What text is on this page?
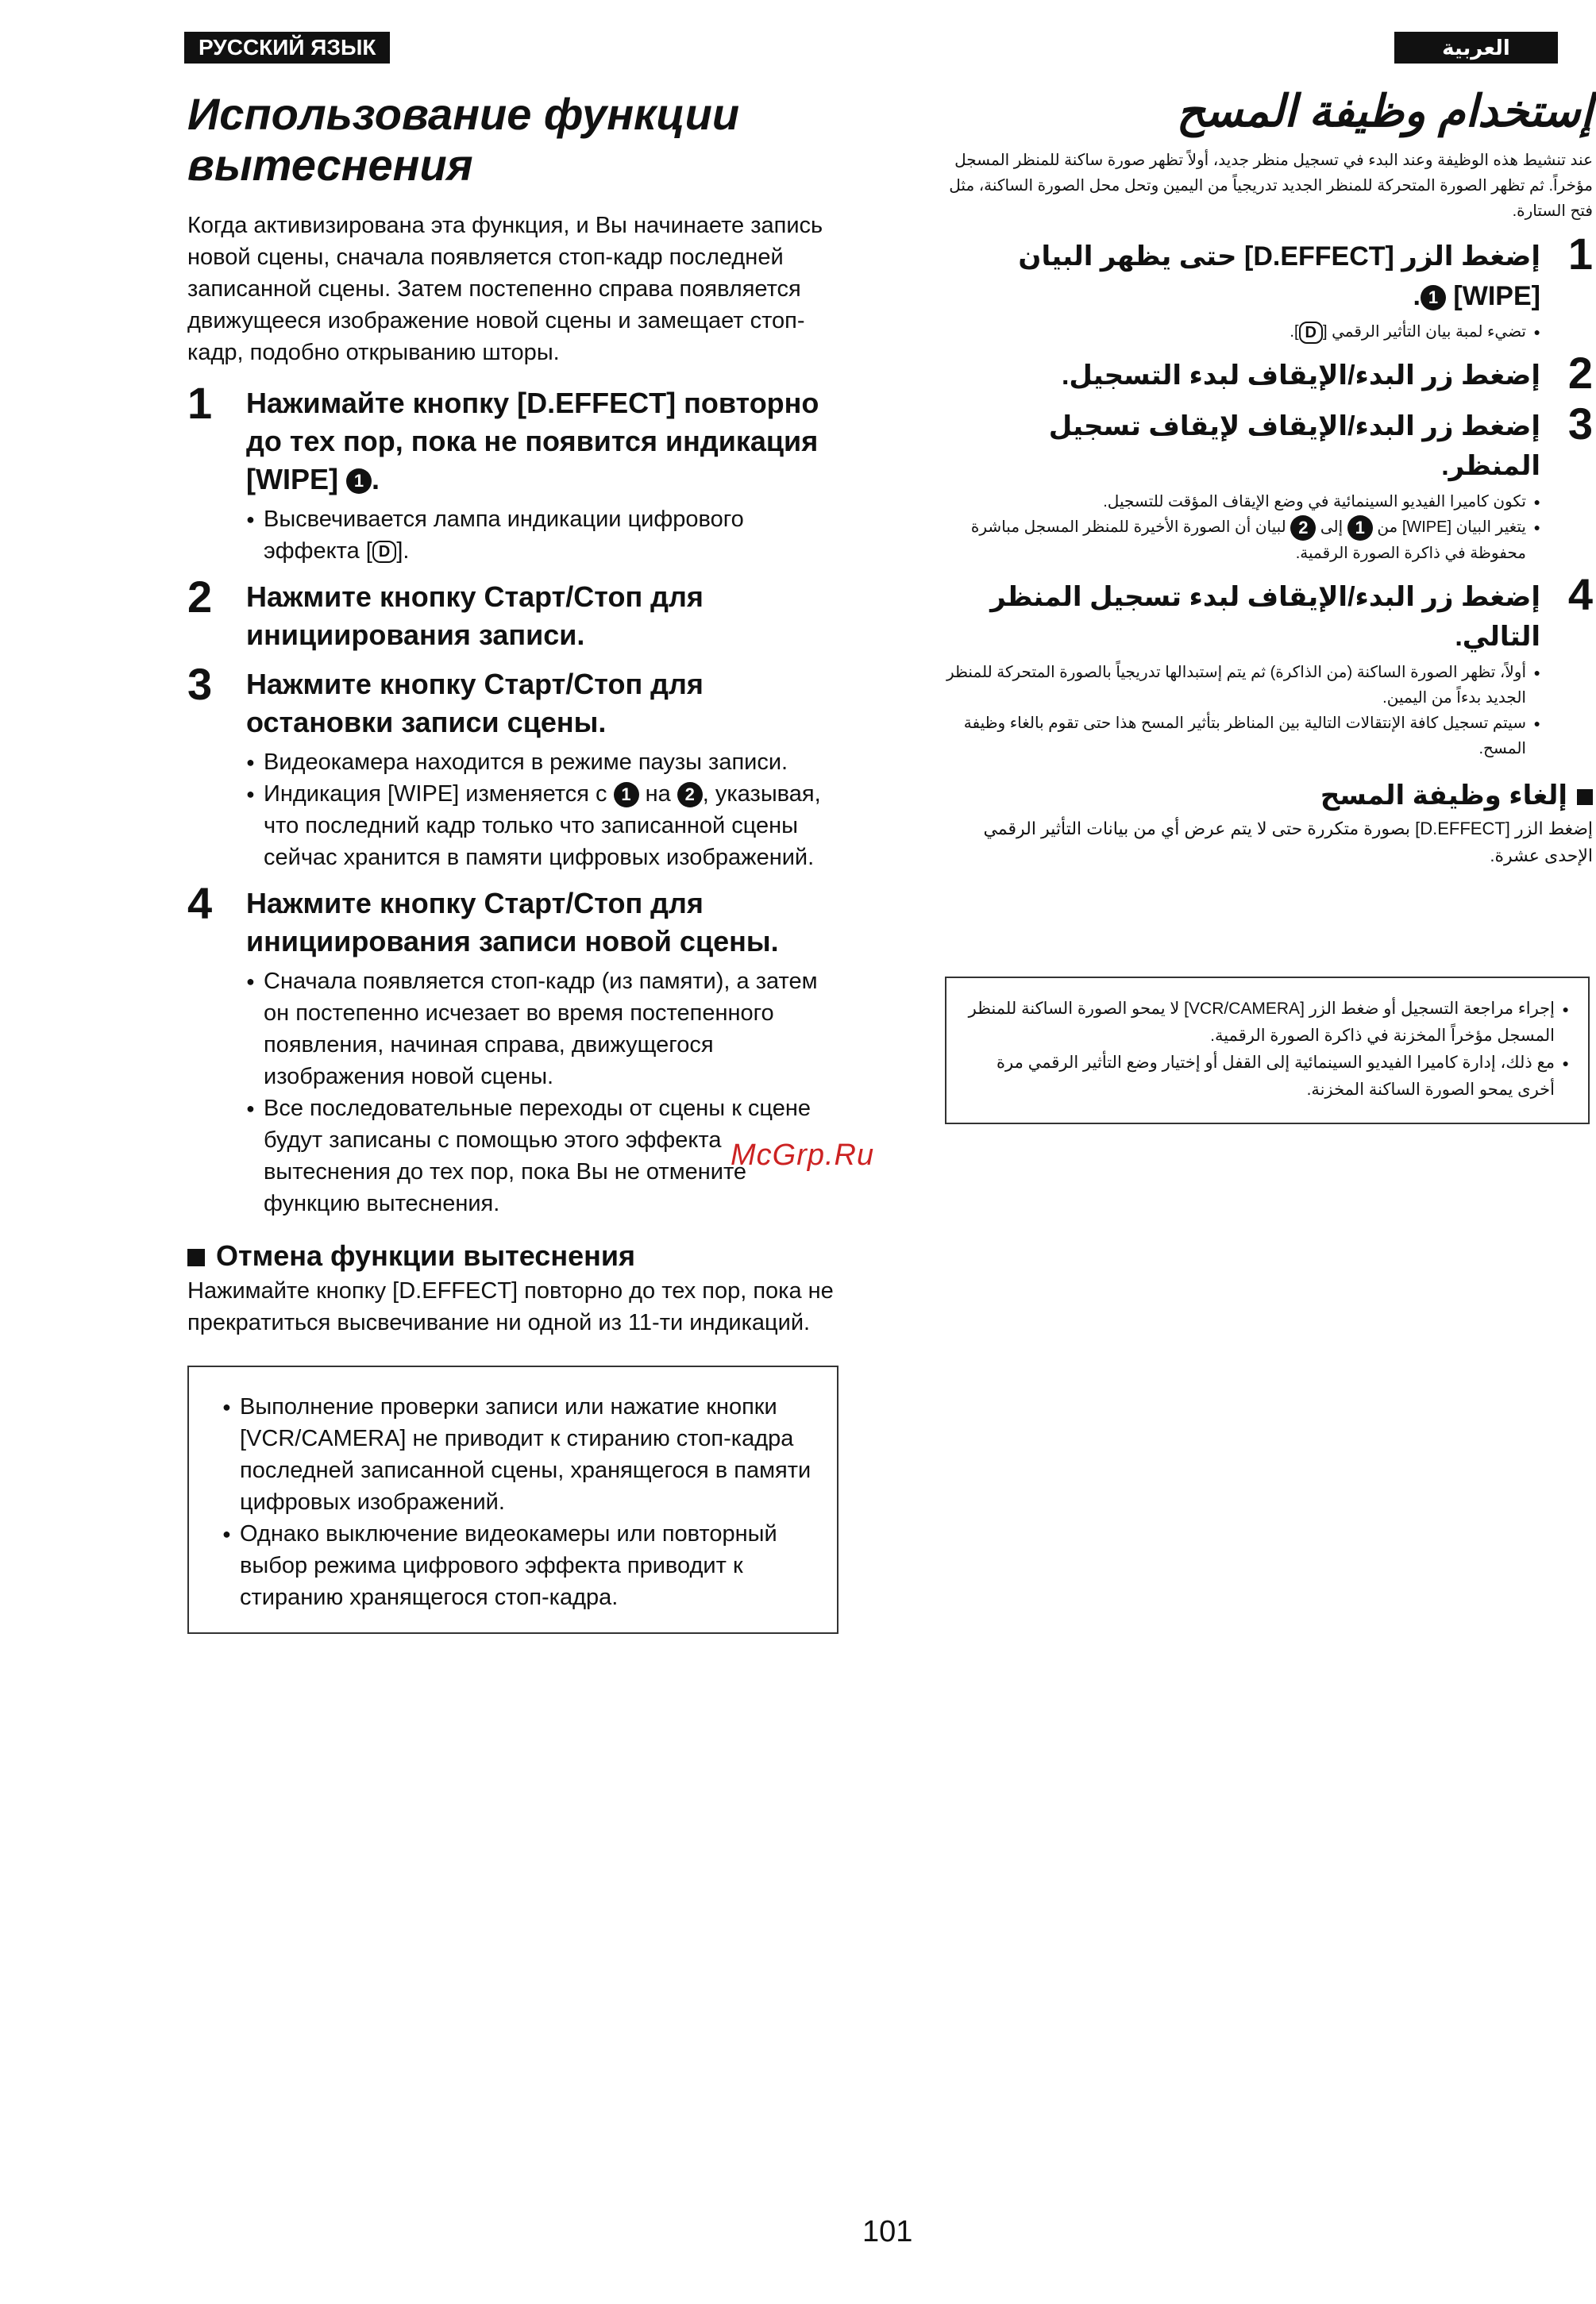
РУССКИЙ ЯЗЫК	العربية
Использование функции вытеснения

Когда активизирована эта функция, и Вы начинаете запись новой сцены, сначала появляется стоп-кадр последней записанной сцены. Затем постепенно справа появляется движущееся изображение новой сцены и замещает стоп-кадр, подобно открыванию шторы.

1 Нажимайте кнопку [D.EFFECT] повторно до тех пор, пока не появится индикация [WIPE] 1 .
● Высвечивается лампа индикации цифрового эффекта [ D ].
2 Нажмите кнопку Старт/Стоп для инициирования записи.
3 Нажмите кнопку Старт/Стоп для остановки записи сцены.
● Видеокамера находится в режиме паузы записи.
● Индикация [WIPE] изменяется с 1 на 2 , указывая, что последний кадр только что записанной сцены сейчас хранится в памяти цифровых изображений.
4 Нажмите кнопку Старт/Стоп для инициирования записи новой сцены.
● Сначала появляется стоп-кадр (из памяти), а затем он постепенно исчезает во время постепенного появления, начиная справа, движущегося изображения новой сцены.
● Все последовательные переходы от сцены к сцене будут записаны с помощью этого эффекта вытеснения до тех пор, пока Вы не отмените функцию вытеснения.
Отмена функции вытеснения
Нажимайте кнопку [D.EFFECT] повторно до тех пор, пока не прекратиться высвечивание ни одной из 11-ти индикаций.
● Выполнение проверки записи или нажатие кнопки [VCR/CAMERA] не приводит к стиранию стоп-кадра последней записанной сцены, хранящегося в памяти цифровых изображений.
● Однако выключение видеокамеры или повторный выбор режима цифрового эффекта приводит к стиранию хранящегося стоп-кадра.
إستخدام وظيفة المسح

عند تنشيط هذه الوظيفة وعند البدء في تسجيل منظر جديد، أولاً تظهر صورة ساكنة للمنظر المسجل مؤخراً. ثم تظهر الصورة المتحركة للمنظر الجديد تدريجياً من اليمين وتحل محل الصورة الساكنة، مثل فتح الستارة.

1
إضغط الزر [D.EFFECT] حتى يظهر البيان [WIPE] 1.
● تضيء لمبة بيان التأثير الرقمي [D].
2
إضغط زر البدء/الإيقاف لبدء التسجيل.
3
إضغط زر البدء/الإيقاف لإيقاف تسجيل المنظر.
● تكون كاميرا الفيديو السينمائية في وضع الإيقاف المؤقت للتسجيل.
● يتغير البيان [WIPE] من 1 إلى 2 لبيان أن الصورة الأخيرة للمنظر المسجل مباشرة محفوظة في ذاكرة الصورة الرقمية.
4
إضغط زر البدء/الإيقاف لبدء تسجيل المنظر التالي.
● أولاً، تظهر الصورة الساكنة (من الذاكرة) ثم يتم إستبدالها تدريجياً بالصورة المتحركة للمنظر الجديد بدءاً من اليمين.
● سيتم تسجيل كافة الإنتقالات التالية بين المناظر بتأثير المسح هذا حتى تقوم بالغاء وظيفة المسح.
إلغاء وظيفة المسح
إضغط الزر [D.EFFECT] بصورة متكررة حتى لا يتم عرض أي من بيانات التأثير الرقمي الإحدى عشرة.
● إجراء مراجعة التسجيل أو ضغط الزر [VCR/CAMERA] لا يمحو الصورة الساكنة للمنظر المسجل مؤخراً المخزنة في ذاكرة الصورة الرقمية.
● مع ذلك، إدارة كاميرا الفيديو السينمائية إلى القفل أو إختيار وضع التأثير الرقمي مرة أخرى يمحو الصورة الساكنة المخزنة.
McGrp.Ru
101
